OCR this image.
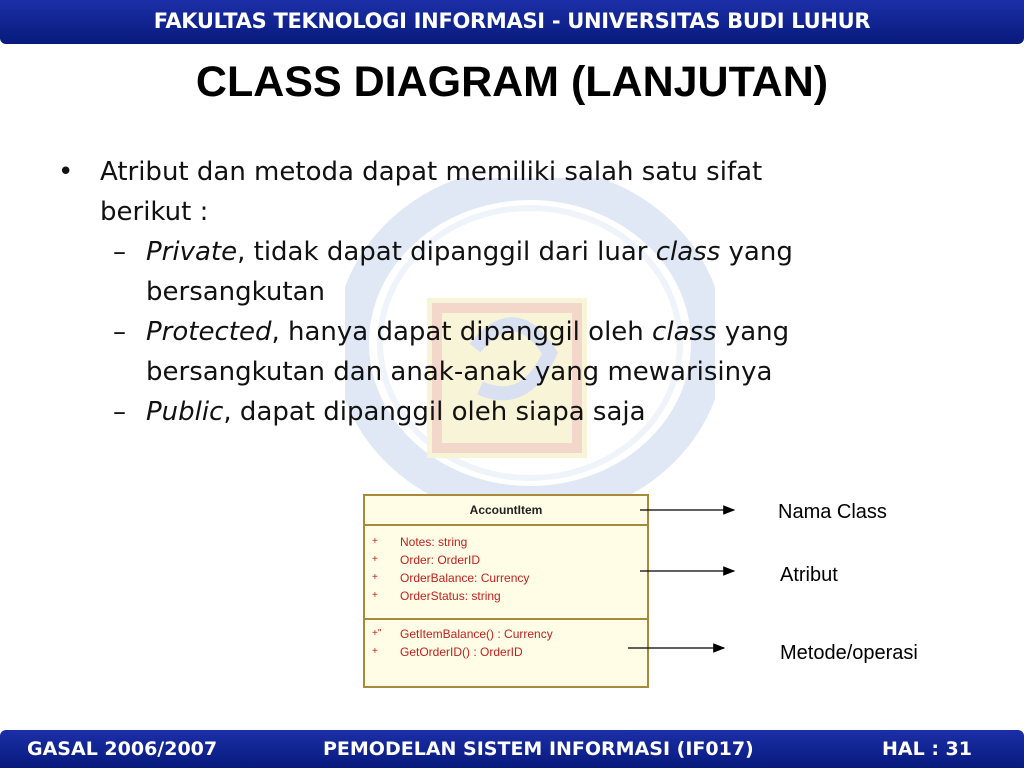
FAKULTAS TEKNOLOGI INFORMASI - UNIVERSITAS BUDI LUHUR
CLASS DIAGRAM (LANJUTAN)
• Atribut dan metoda dapat memiliki salah satu sifat
berikut :
– Private, tidak dapat dipanggil dari luar class yang
bersangkutan
– Protected, hanya dapat dipanggil oleh class yang
bersangkutan dan anak-anak yang mewarisinya
– Public, dapat dipanggil oleh siapa saja
AccountItem
+ Notes: string
+ Order: OrderID
+ OrderBalance: Currency
+ OrderStatus: string
+" GetItemBalance() : Currency
+ GetOrderID() : OrderID
Nama Class
Atribut
Metode/operasi
GASAL 2006/2007	PEMODELAN SISTEM INFORMASI (IF017)	HAL : 31
